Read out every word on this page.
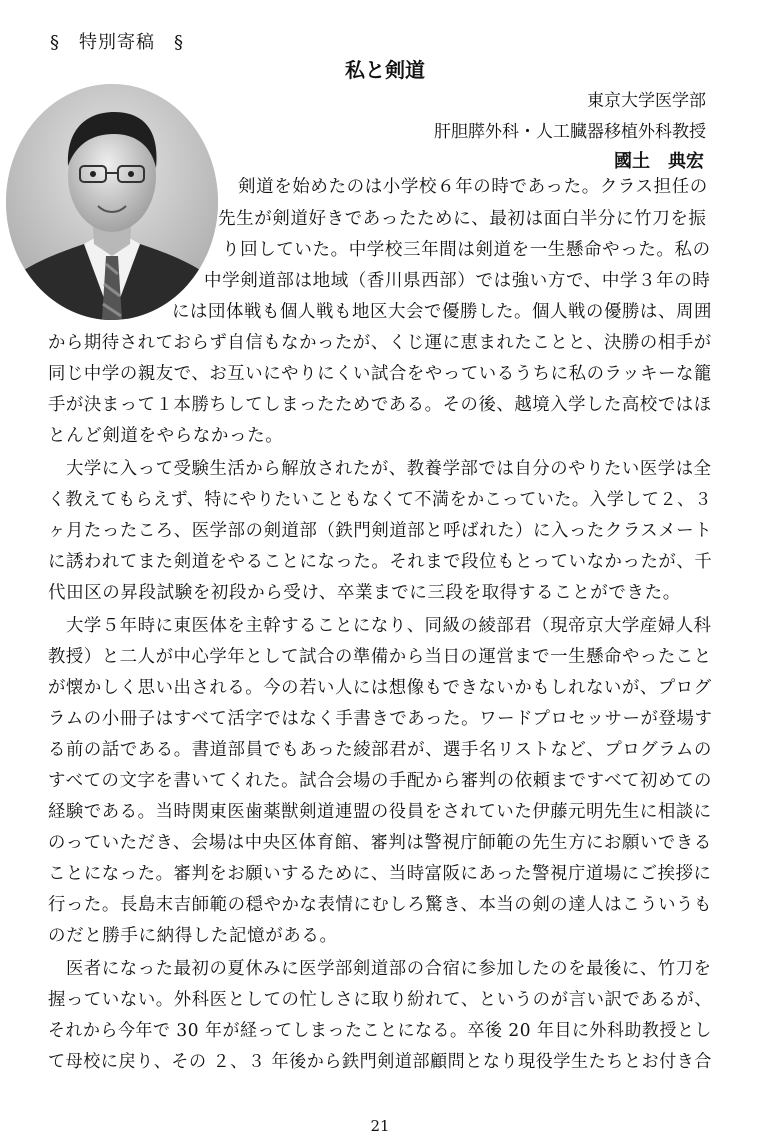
§　特別寄稿　§
私と剣道
東京大学医学部
肝胆膵外科・人工臓器移植外科教授
國土　典宏
剣道を始めたのは小学校６年の時であった。クラス担任の
先生が剣道好きであったために、最初は面白半分に竹刀を振
り回していた。中学校三年間は剣道を一生懸命やった。私の
中学剣道部は地域（香川県西部）では強い方で、中学３年の時
には団体戦も個人戦も地区大会で優勝した。個人戦の優勝は、周囲
から期待されておらず自信もなかったが、くじ運に恵まれたことと、決勝の相手が
同じ中学の親友で、お互いにやりにくい試合をやっているうちに私のラッキーな籠
手が決まって１本勝ちしてしまったためである。その後、越境入学した高校ではほ
とんど剣道をやらなかった。
大学に入って受験生活から解放されたが、教養学部では自分のやりたい医学は全
く教えてもらえず、特にやりたいこともなくて不満をかこっていた。入学して２、３
ヶ月たったころ、医学部の剣道部（鉄門剣道部と呼ばれた）に入ったクラスメート
に誘われてまた剣道をやることになった。それまで段位もとっていなかったが、千
代田区の昇段試験を初段から受け、卒業までに三段を取得することができた。
大学５年時に東医体を主幹することになり、同級の綾部君（現帝京大学産婦人科
教授）と二人が中心学年として試合の準備から当日の運営まで一生懸命やったこと
が懐かしく思い出される。今の若い人には想像もできないかもしれないが、プログ
ラムの小冊子はすべて活字ではなく手書きであった。ワードプロセッサーが登場す
る前の話である。書道部員でもあった綾部君が、選手名リストなど、プログラムの
すべての文字を書いてくれた。試合会場の手配から審判の依頼まですべて初めての
経験である。当時関東医歯薬獣剣道連盟の役員をされていた伊藤元明先生に相談に
のっていただき、会場は中央区体育館、審判は警視庁師範の先生方にお願いできる
ことになった。審判をお願いするために、当時富阪にあった警視庁道場にご挨拶に
行った。長島末吉師範の穏やかな表情にむしろ驚き、本当の剣の達人はこういうも
のだと勝手に納得した記憶がある。
医者になった最初の夏休みに医学部剣道部の合宿に参加したのを最後に、竹刀を
握っていない。外科医としての忙しさに取り紛れて、というのが言い訳であるが、
それから今年で 30 年が経ってしまったことになる。卒後 20 年目に外科助教授とし
て母校に戻り、その ２、３ 年後から鉄門剣道部顧問となり現役学生たちとお付き合
21
